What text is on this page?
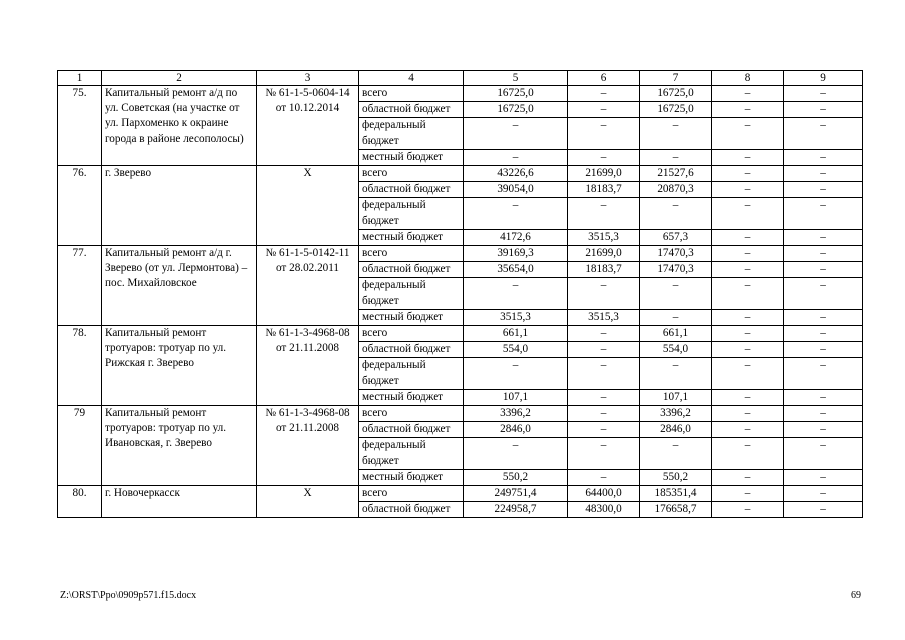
1	2	3	4	5	6	7	8	9
75.	Капитальный ремонт а/д по ул. Советская (на участке от ул. Пархоменко к окраине города в районе лесополосы)	№ 61-1-5-0604-14 от 10.12.2014	всего	16725,0	–	16725,0	–	–
			областной бюджет	16725,0	–	16725,0	–	–
			федеральный бюджет	–	–	–	–	–
			местный бюджет	–	–	–	–	–
76.	г. Зверево	Х	всего	43226,6	21699,0	21527,6	–	–
			областной бюджет	39054,0	18183,7	20870,3	–	–
			федеральный бюджет	–	–	–	–	–
			местный бюджет	4172,6	3515,3	657,3	–	–
77.	Капитальный ремонт а/д г. Зверево (от ул. Лермонтова) – пос. Михайловское	№ 61-1-5-0142-11 от 28.02.2011	всего	39169,3	21699,0	17470,3	–	–
			областной бюджет	35654,0	18183,7	17470,3	–	–
			федеральный бюджет	–	–	–	–	–
			местный бюджет	3515,3	3515,3	–	–	–
78.	Капитальный ремонт тротуаров: тротуар по ул. Рижская г. Зверево	№ 61-1-3-4968-08 от 21.11.2008	всего	661,1	–	661,1	–	–
			областной бюджет	554,0	–	554,0	–	–
			федеральный бюджет	–	–	–	–	–
			местный бюджет	107,1	–	107,1	–	–
79	Капитальный ремонт тротуаров: тротуар по ул. Ивановская, г. Зверево	№ 61-1-3-4968-08 от 21.11.2008	всего	3396,2	–	3396,2	–	–
			областной бюджет	2846,0	–	2846,0	–	–
			федеральный бюджет	–	–	–	–	–
			местный бюджет	550,2	–	550,2	–	–
80.	г. Новочеркасск	Х	всего	249751,4	64400,0	185351,4	–	–
			областной бюджет	224958,7	48300,0	176658,7	–	–
Z:\ORST\Ppo\0909p571.f15.docx	69
